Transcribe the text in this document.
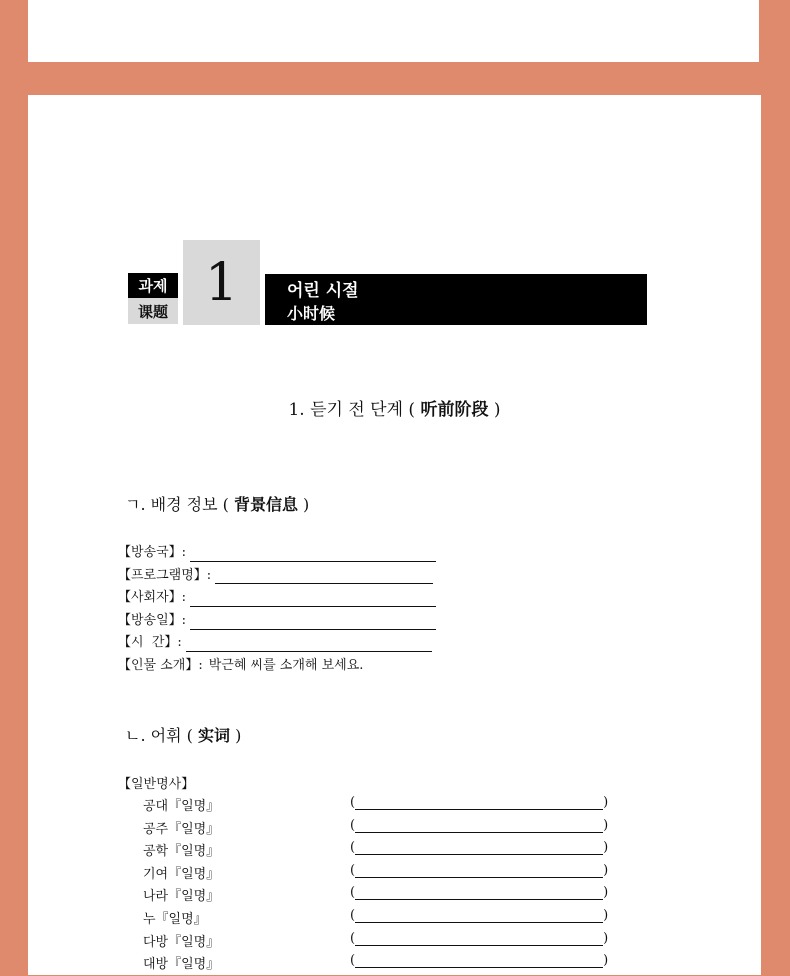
과제
课题 1	어린 시절
小时候
1. 듣기 전 단계 ( 听前阶段 )
ㄱ. 배경 정보 ( 背景信息 )
【방송국】:
【프로그램명】:
【사회자】:
【방송일】:
【시  간】:
【인물 소개】: 박근혜 씨를 소개해 보세요.
ㄴ. 어휘 ( 实词 )
【일반명사】
공대『일명』	(	)
공주『일명』	(	)
공학『일명』	(	)
기여『일명』	(	)
나라『일명』	(	)
누『일명』	(	)
다방『일명』	(	)
대방『일명』	(	)
